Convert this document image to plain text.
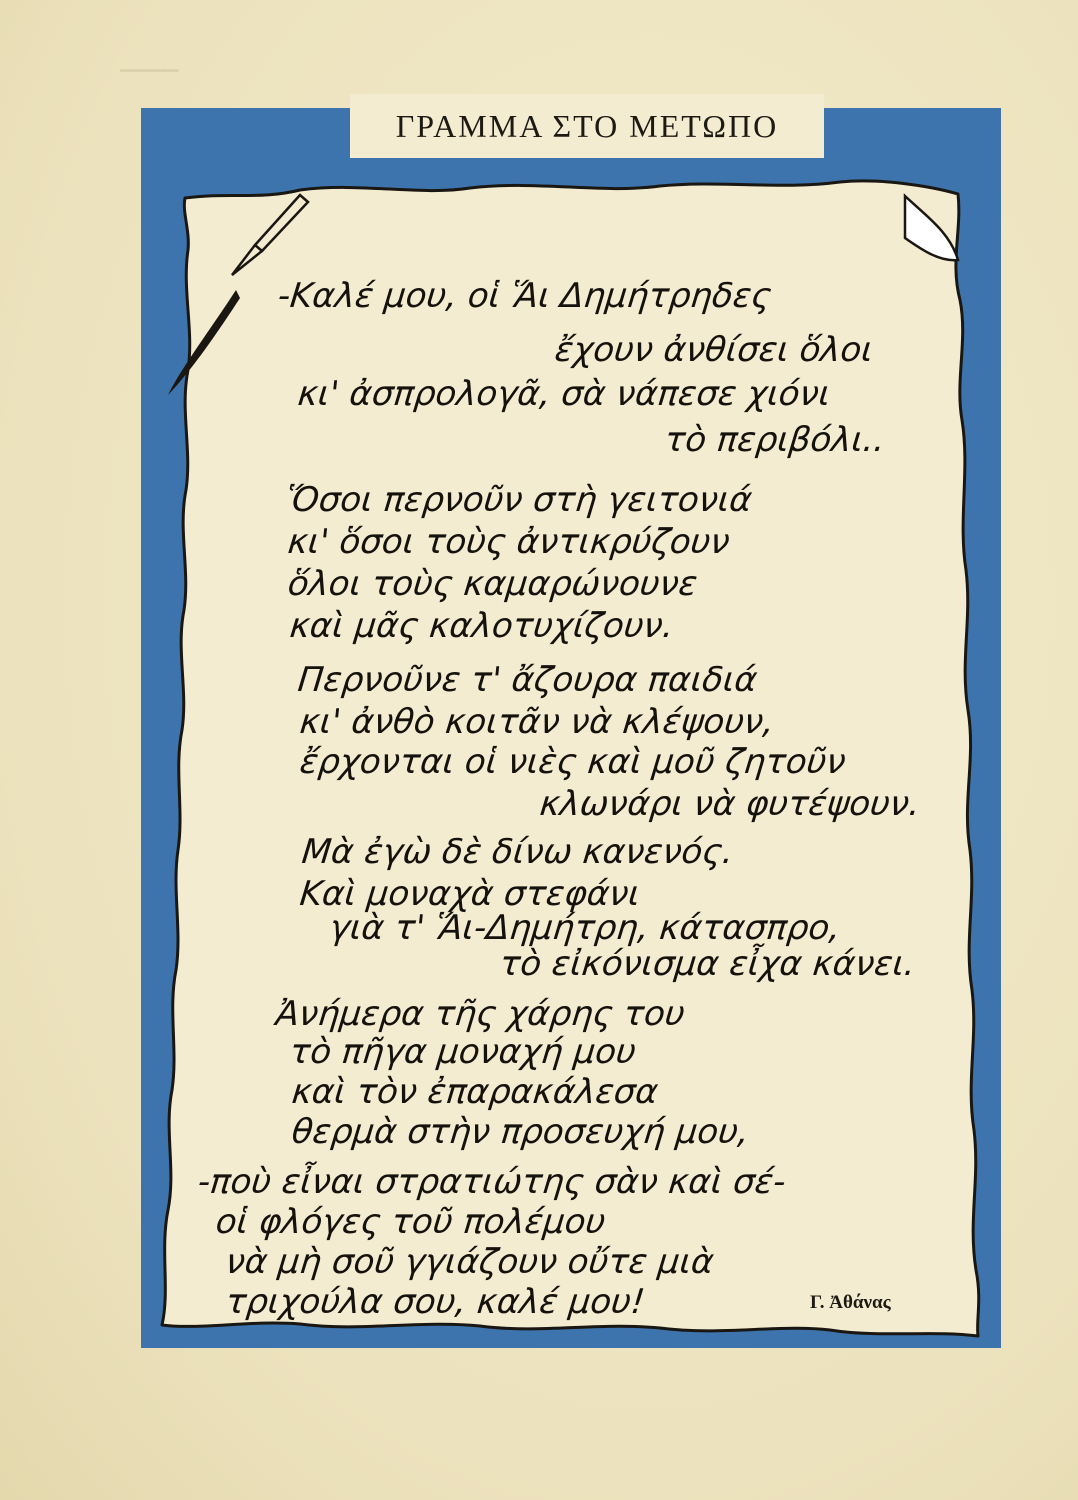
▔▔▔▔
ΓΡΑΜΜΑ ΣΤΟ ΜΕΤΩΠΟ
-Καλέ μου, οἱ Ἅι Δημήτρηδες
ἔχουν ἀνθίσει ὅλοι
κι' ἀσπρολογᾶ, σὰ νάπεσε χιόνι
τὸ περιβόλι..
Ὅσοι περνοῦν στὴ γειτονιά
κι' ὅσοι τοὺς ἀντικρύζουν
ὅλοι τοὺς καμαρώνουνε
καὶ μᾶς καλοτυχίζουν.
Περνοῦνε τ' ἄζουρα παιδιά
κι' ἀνθὸ κοιτᾶν νὰ κλέψουν,
ἔρχονται οἱ νιὲς καὶ μοῦ ζητοῦν
κλωνάρι νὰ φυτέψουν.
Μὰ ἐγὼ δὲ δίνω κανενός.
Καὶ μοναχὰ στεφάνι
γιὰ τ' Ἅι-Δημήτρη, κάτασπρο,
τὸ εἰκόνισμα εἶχα κάνει.
Ἀνήμερα τῆς χάρης του
τὸ πῆγα μοναχή μου
καὶ τὸν ἐπαρακάλεσα
θερμὰ στὴν προσευχή μου,
-ποὺ εἶναι στρατιώτης σὰν καὶ σέ-
οἱ φλόγες τοῦ πολέμου
νὰ μὴ σοῦ γγιάζουν οὔτε μιὰ
τριχούλα σου, καλέ μου!	Γ. Ἀθάνας
